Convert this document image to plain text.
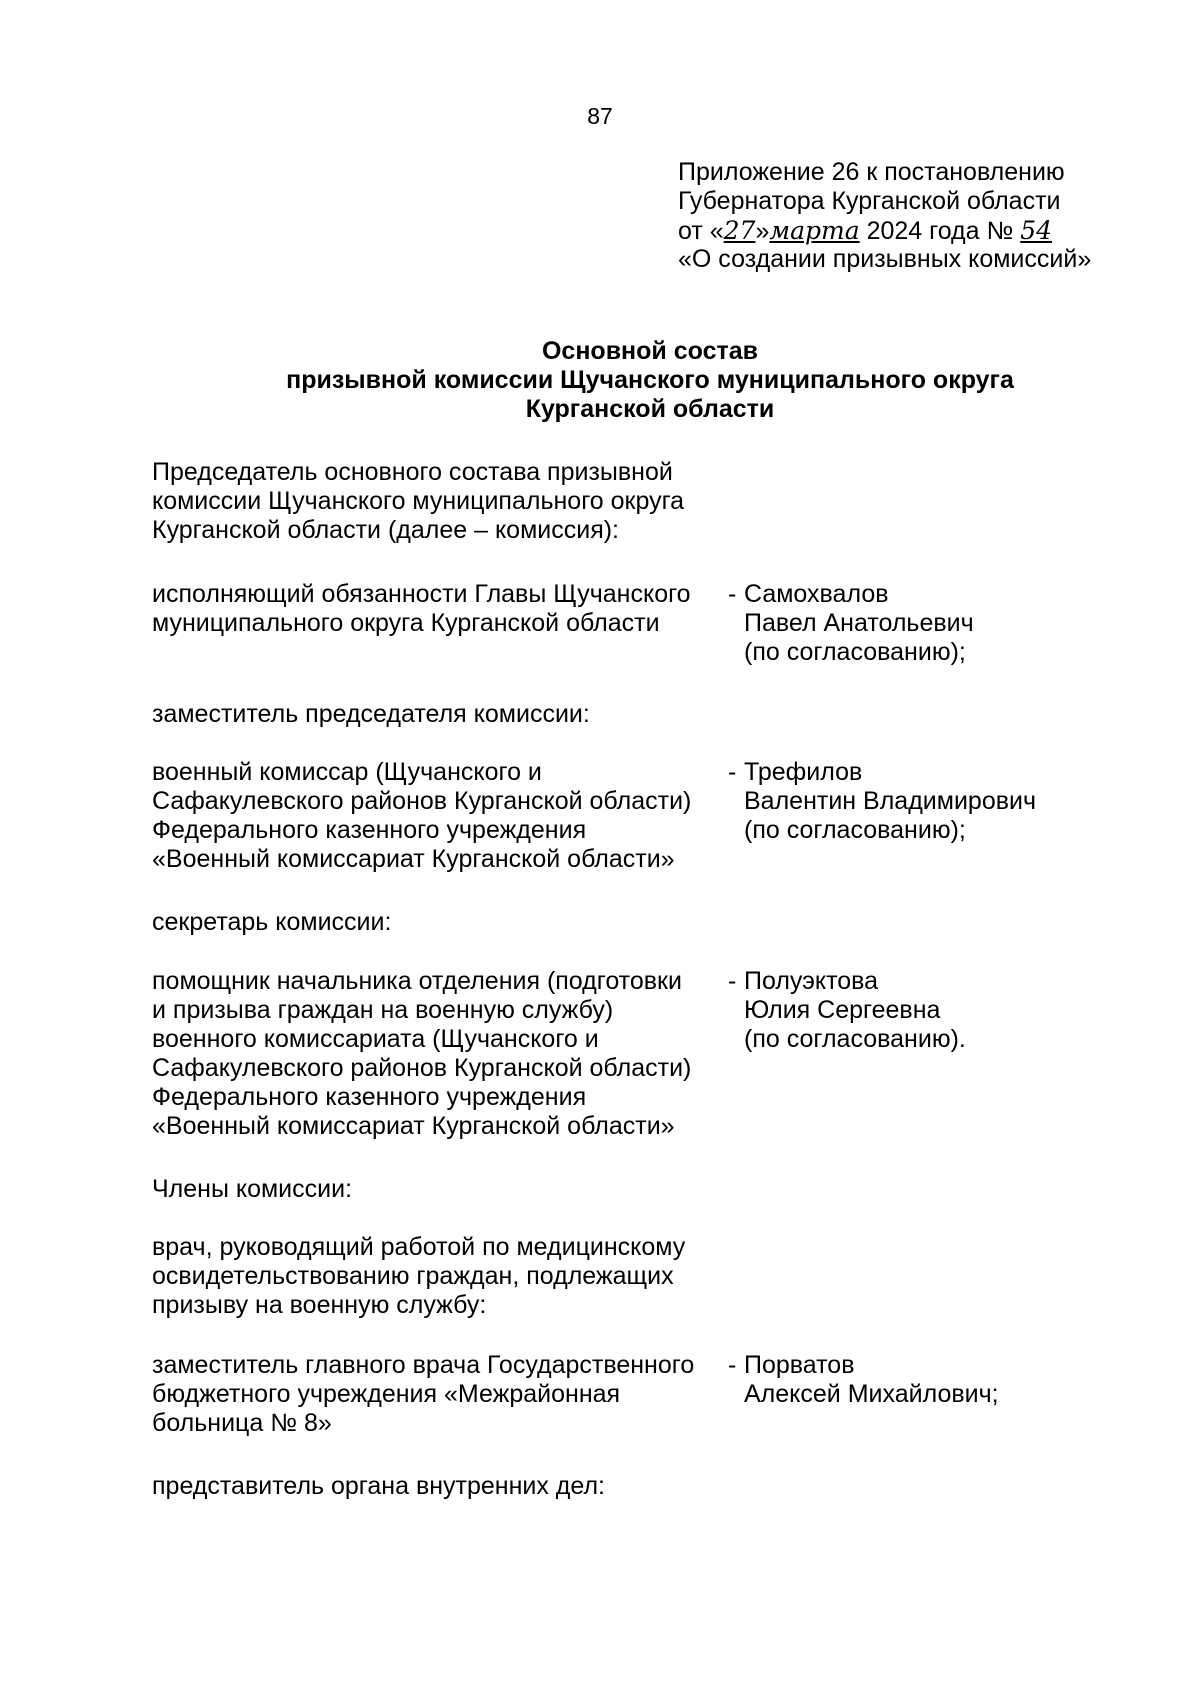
87
Приложение 26 к постановлению
Губернатора Курганской области
от «27»марта 2024 года № 54
«О создании призывных комиссий»
Основной состав
призывной комиссии Щучанского муниципального округа
Курганской области
Председатель основного состава призывной
комиссии Щучанского муниципального округа
Курганской области (далее – комиссия):
исполняющий обязанности Главы Щучанского
муниципального округа Курганской области
- Самохвалов
Павел Анатольевич
(по согласованию);
заместитель председателя комиссии:
военный комиссар (Щучанского и
Сафакулевского районов Курганской области)
Федерального казенного учреждения
«Военный комиссариат Курганской области»
- Трефилов
Валентин Владимирович
(по согласованию);
секретарь комиссии:
помощник начальника отделения (подготовки
и призыва граждан на военную службу)
военного комиссариата (Щучанского и
Сафакулевского районов Курганской области)
Федерального казенного учреждения
«Военный комиссариат Курганской области»
- Полуэктова
Юлия Сергеевна
(по согласованию).
Члены комиссии:
врач, руководящий работой по медицинскому
освидетельствованию граждан, подлежащих
призыву на военную службу:
заместитель главного врача Государственного
бюджетного учреждения «Межрайонная
больница № 8»
- Порватов
Алексей Михайлович;
представитель органа внутренних дел:
